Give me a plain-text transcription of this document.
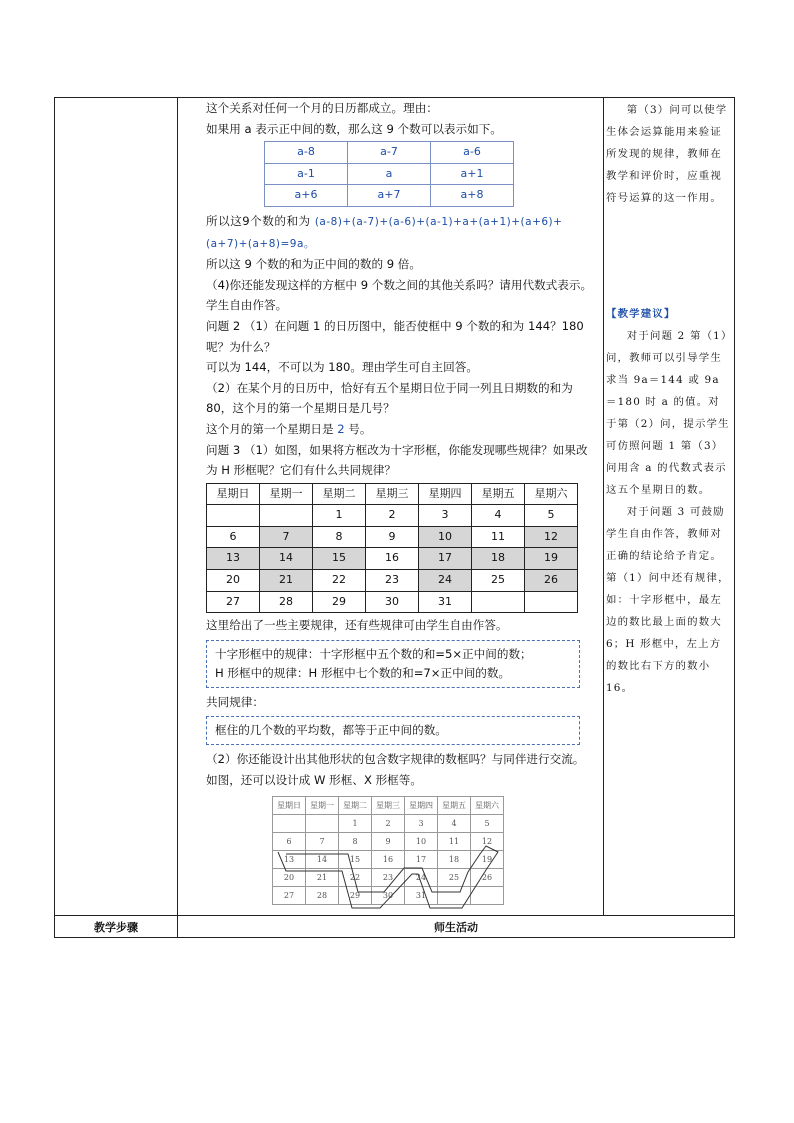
教学步骤	师生活动

这个关系对任何一个月的日历都成立。理由：

如果用 a 表示正中间的数，那么这 9 个数可以表示如下。

a-8	a-7	a-6
a-1	a	a+1
a+6	a+7	a+8

所以这9个数的和为 (a-8)+(a-7)+(a-6)+(a-1)+a+(a+1)+(a+6)+(a+7)+(a+8)=9a。

所以这 9 个数的和为正中间的数的 9 倍。

（4)你还能发现这样的方框中 9 个数之间的其他关系吗？请用代数式表示。

学生自由作答。

问题 2 （1）在问题 1 的日历图中，能否使框中 9 个数的和为 144？180 呢？为什么？

可以为 144，不可以为 180。理由学生可自主回答。

（2）在某个月的日历中，恰好有五个星期日位于同一列且日期数的和为 80，这个月的第一个星期日是几号？

这个月的第一个星期日是 2 号。

问题 3 （1）如图，如果将方框改为十字形框，你能发现哪些规律？如果改为 H 形框呢？它们有什么共同规律？

星期日	星期一	星期二	星期三	星期四	星期五	星期六
		1	2	3	4	5
6	7	8	9	10	11	12
13	14	15	16	17	18	19
20	21	22	23	24	25	26
27	28	29	30	31		

这里给出了一些主要规律，还有些规律可由学生自由作答。

十字形框中的规律：十字形框中五个数的和=5×正中间的数；
H 形框中的规律：H 形框中七个数的和=7×正中间的数。

共同规律：

框住的几个数的平均数，都等于正中间的数。

（2）你还能设计出其他形状的包含数字规律的数框吗？与同伴进行交流。

如图，还可以设计成 W 形框、X 形框等。

星期日	星期一	星期二	星期三	星期四	星期五	星期六
		1	2	3	4	5
6	7	8	9	10	11	12
13	14	15	16	17	18	19
20	21	22	23	24	25	26
27	28	29	30	31		

第（3）问可以使学生体会运算能用来验证所发现的规律，教师在教学和评价时，应重视符号运算的这一作用。

【教学建议】

对于问题 2 第（1）问，教师可以引导学生求当 9a＝144 或 9a＝180 时 a 的值。对于第（2）问，提示学生可仿照问题 1 第（3）问用含 a 的代数式表示这五个星期日的数。

对于问题 3 可鼓励学生自由作答，教师对正确的结论给予肯定。第（1）问中还有规律，如：十字形框中，最左边的数比最上面的数大 6；H 形框中，左上方的数比右下方的数小 16。
